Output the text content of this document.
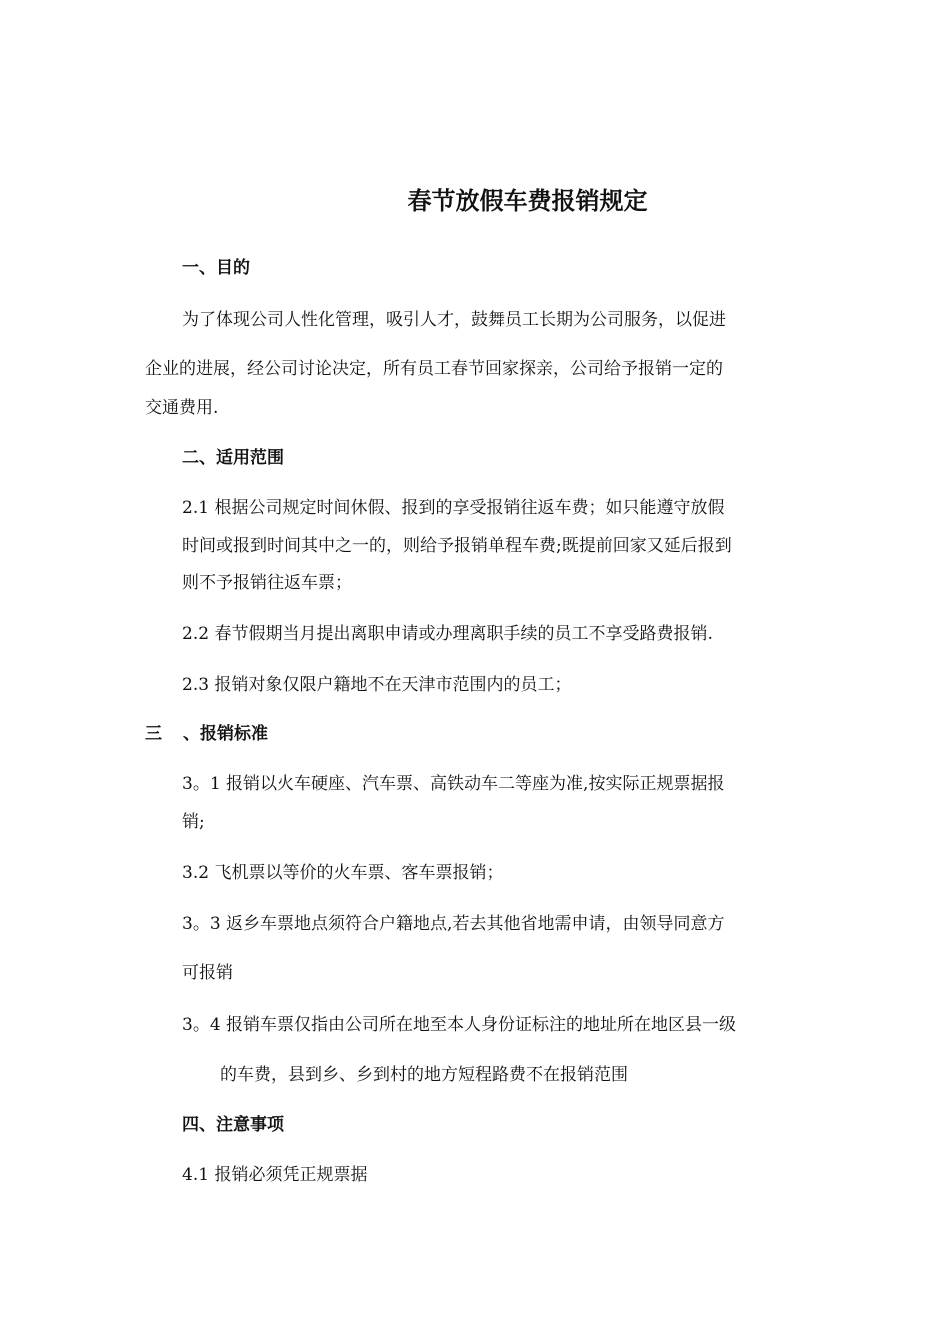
春节放假车费报销规定
一、目的
为了体现公司人性化管理，吸引人才，鼓舞员工长期为公司服务，以促进
企业的进展，经公司讨论决定，所有员工春节回家探亲，公司给予报销一定的
交通费用.
二、适用范围
2.1 根据公司规定时间休假、报到的享受报销往返车费；如只能遵守放假
时间或报到时间其中之一的，则给予报销单程车费;既提前回家又延后报到
则不予报销往返车票；
2.2 春节假期当月提出离职申请或办理离职手续的员工不享受路费报销.
2.3 报销对象仅限户籍地不在天津市范围内的员工；
三 、报销标准
3。1 报销以火车硬座、汽车票、高铁动车二等座为准,按实际正规票据报
销;
3.2 飞机票以等价的火车票、客车票报销；
3。3 返乡车票地点须符合户籍地点,若去其他省地需申请，由领导同意方
可报销
3。4 报销车票仅指由公司所在地至本人身份证标注的地址所在地区县一级
的车费，县到乡、乡到村的地方短程路费不在报销范围
四、注意事项
4.1 报销必须凭正规票据
